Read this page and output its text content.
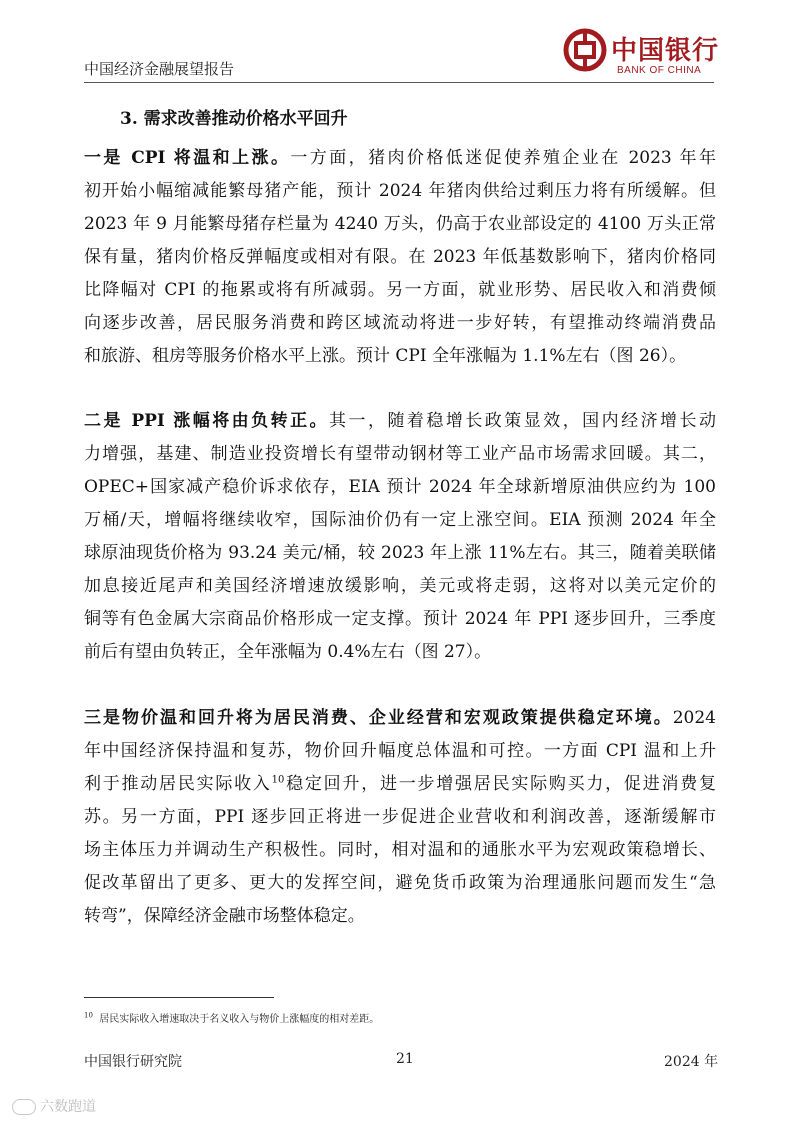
中国经济金融展望报告
中国银行
BANK OF CHINA
3. 需求改善推动价格水平回升
一是 CPI 将温和上涨。一方面，猪肉价格低迷促使养殖企业在 2023 年年
初开始小幅缩减能繁母猪产能，预计 2024 年猪肉供给过剩压力将有所缓解。但
2023 年 9 月能繁母猪存栏量为 4240 万头，仍高于农业部设定的 4100 万头正常
保有量，猪肉价格反弹幅度或相对有限。在 2023 年低基数影响下，猪肉价格同
比降幅对 CPI 的拖累或将有所减弱。另一方面，就业形势、居民收入和消费倾
向逐步改善，居民服务消费和跨区域流动将进一步好转，有望推动终端消费品
和旅游、租房等服务价格水平上涨。预计 CPI 全年涨幅为 1.1%左右（图 26）。
二是 PPI 涨幅将由负转正。其一，随着稳增长政策显效，国内经济增长动
力增强，基建、制造业投资增长有望带动钢材等工业产品市场需求回暖。其二，
OPEC+国家减产稳价诉求依存，EIA 预计 2024 年全球新增原油供应约为 100
万桶/天，增幅将继续收窄，国际油价仍有一定上涨空间。EIA 预测 2024 年全
球原油现货价格为 93.24 美元/桶，较 2023 年上涨 11%左右。其三，随着美联储
加息接近尾声和美国经济增速放缓影响，美元或将走弱，这将对以美元定价的
铜等有色金属大宗商品价格形成一定支撑。预计 2024 年 PPI 逐步回升，三季度
前后有望由负转正，全年涨幅为 0.4%左右（图 27）。
三是物价温和回升将为居民消费、企业经营和宏观政策提供稳定环境。2024
年中国经济保持温和复苏，物价回升幅度总体温和可控。一方面 CPI 温和上升
利于推动居民实际收入$^{10}$稳定回升，进一步增强居民实际购买力，促进消费复
苏。另一方面，PPI 逐步回正将进一步促进企业营收和利润改善，逐渐缓解市
场主体压力并调动生产积极性。同时，相对温和的通胀水平为宏观政策稳增长、
促改革留出了更多、更大的发挥空间，避免货币政策为治理通胀问题而发生“急
转弯”，保障经济金融市场整体稳定。
$^{10}$ 居民实际收入增速取决于名义收入与物价上涨幅度的相对差距。
中国银行研究院	21	2024 年
六数跑道
